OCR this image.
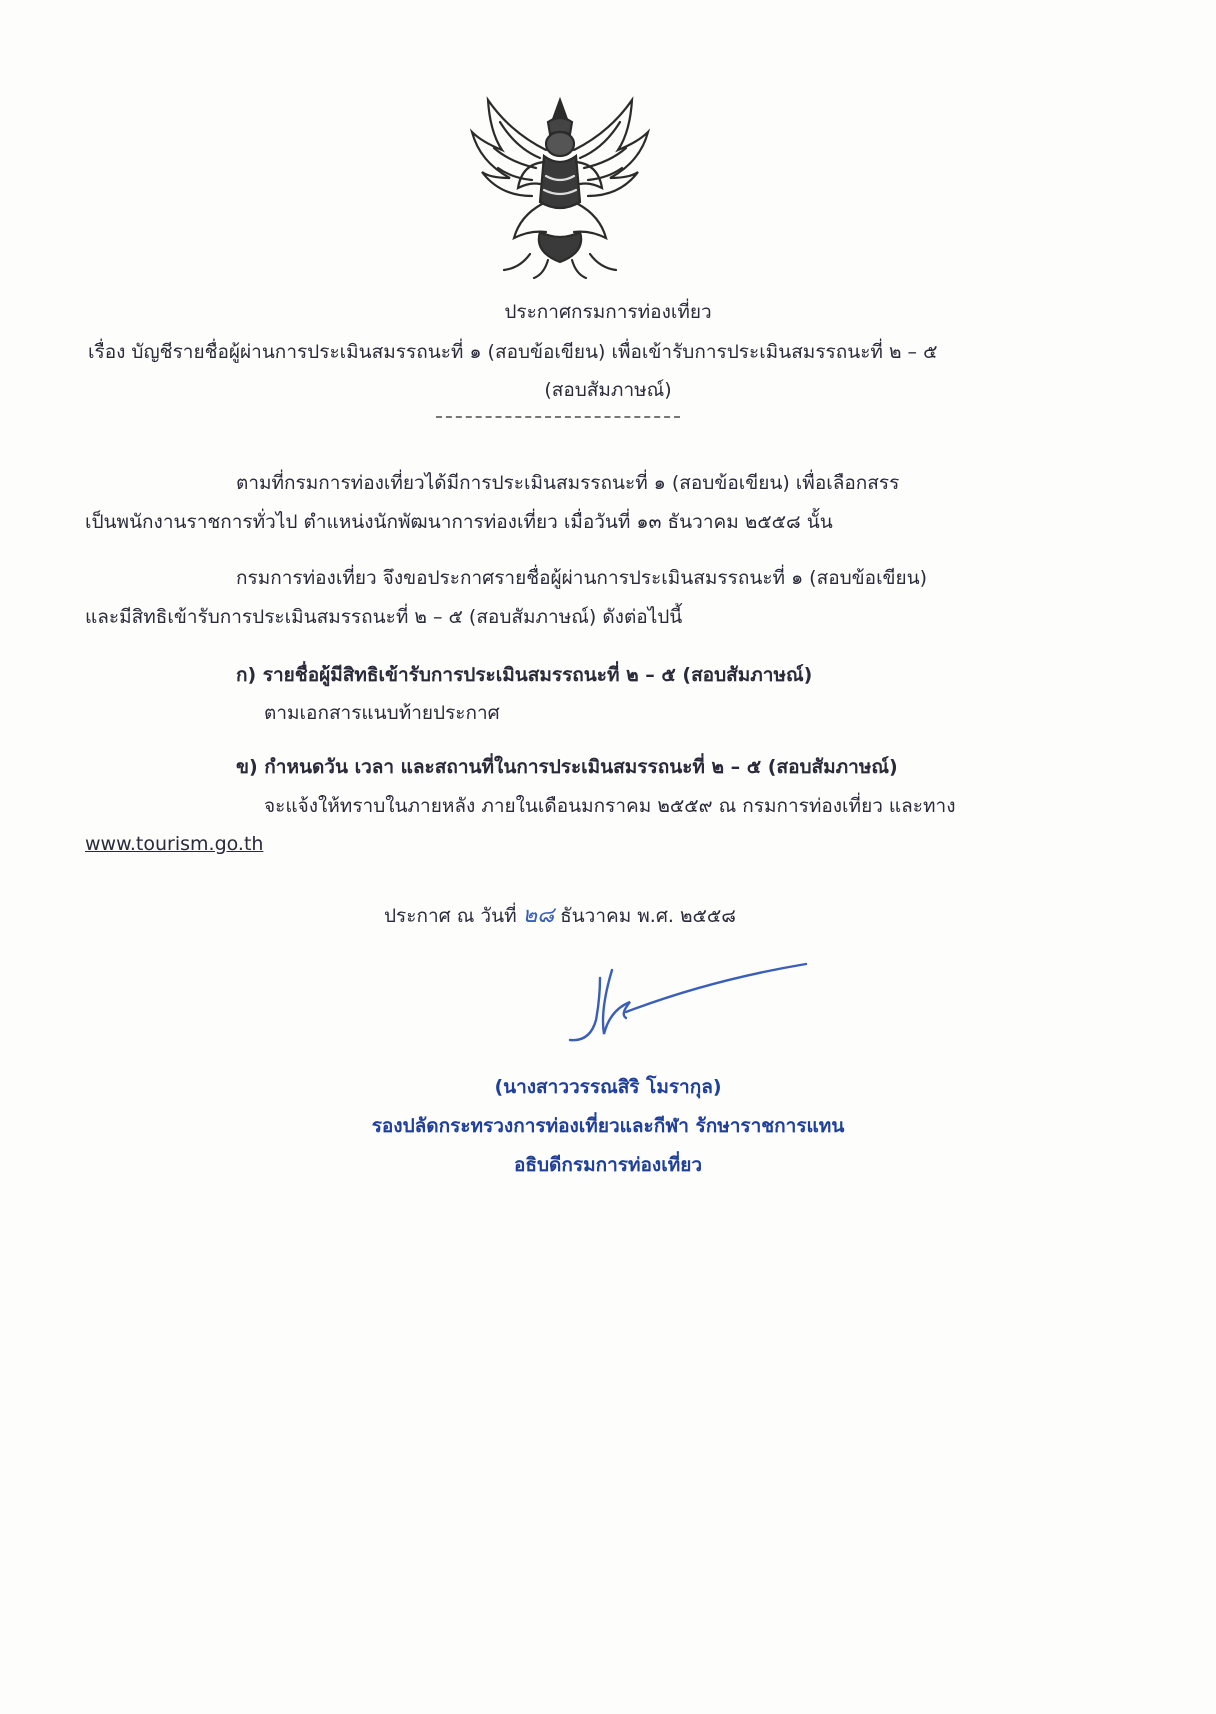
ประกาศกรมการท่องเที่ยว
เรื่อง บัญชีรายชื่อผู้ผ่านการประเมินสมรรถนะที่ ๑ (สอบข้อเขียน) เพื่อเข้ารับการประเมินสมรรถนะที่ ๒ – ๕
(สอบสัมภาษณ์)
ตามที่กรมการท่องเที่ยวได้มีการประเมินสมรรถนะที่ ๑ (สอบข้อเขียน) เพื่อเลือกสรร
เป็นพนักงานราชการทั่วไป ตำแหน่งนักพัฒนาการท่องเที่ยว เมื่อวันที่ ๑๓ ธันวาคม ๒๕๕๘ นั้น
กรมการท่องเที่ยว จึงขอประกาศรายชื่อผู้ผ่านการประเมินสมรรถนะที่ ๑ (สอบข้อเขียน)
และมีสิทธิเข้ารับการประเมินสมรรถนะที่ ๒ – ๕ (สอบสัมภาษณ์) ดังต่อไปนี้
ก) รายชื่อผู้มีสิทธิเข้ารับการประเมินสมรรถนะที่ ๒ – ๕ (สอบสัมภาษณ์)
ตามเอกสารแนบท้ายประกาศ
ข) กำหนดวัน เวลา และสถานที่ในการประเมินสมรรถนะที่ ๒ – ๕ (สอบสัมภาษณ์)
จะแจ้งให้ทราบในภายหลัง ภายในเดือนมกราคม ๒๕๕๙ ณ กรมการท่องเที่ยว และทาง
www.tourism.go.th
ประกาศ ณ วันที่ ๒๘ ธันวาคม พ.ศ. ๒๕๕๘
(นางสาววรรณสิริ โมรากุล)
รองปลัดกระทรวงการท่องเที่ยวและกีฬา รักษาราชการแทน
อธิบดีกรมการท่องเที่ยว
